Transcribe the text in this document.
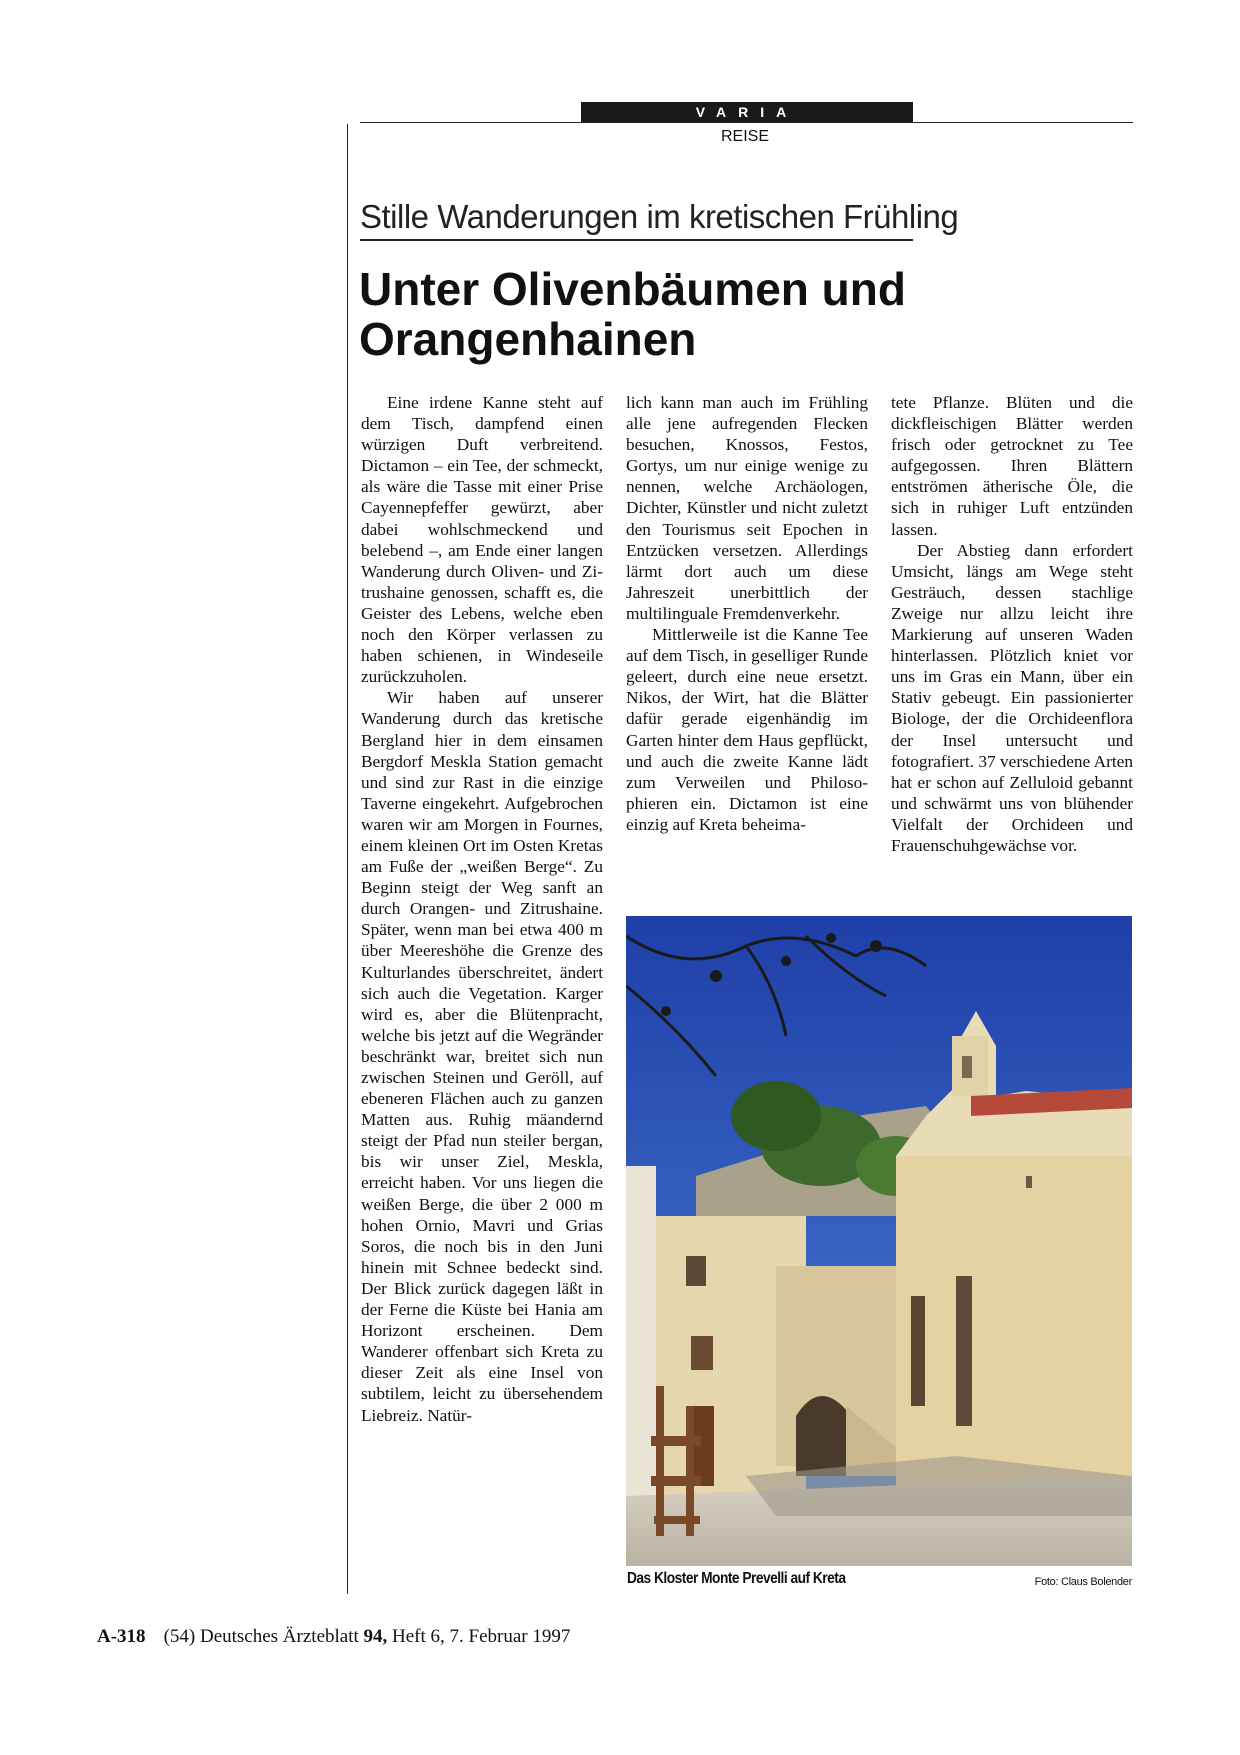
VARIA
REISE
Stille Wanderungen im kretischen Frühling
Unter Olivenbäumen und Orangenhainen

Eine irdene Kanne steht auf dem Tisch, dampfend einen würzigen Duft verbreitend. Dictamon – ein Tee, der schmeckt, als wäre die Tasse mit einer Prise Cayennepfeffer gewürzt, aber dabei wohlschmeckend und belebend –, am Ende einer langen Wanderung durch Oliven- und Zitrushaine genossen, schafft es, die Geister des Lebens, welche eben noch den Körper verlassen zu haben schienen, in Windeseile zurückzuholen.

Wir haben auf unserer Wanderung durch das kretische Bergland hier in dem einsamen Bergdorf Meskla Station gemacht und sind zur Rast in die einzige Taverne eingekehrt. Aufgebrochen waren wir am Morgen in Fournes, einem kleinen Ort im Osten Kretas am Fuße der „weißen Berge“. Zu Beginn steigt der Weg sanft an durch Orangen- und Zitrushaine. Später, wenn man bei etwa 400 m über Meereshöhe die Grenze des Kulturlandes überschreitet, ändert sich auch die Vegetation. Karger wird es, aber die Blütenpracht, welche bis jetzt auf die Wegränder beschränkt war, breitet sich nun zwischen Steinen und Geröll, auf ebeneren Flächen auch zu ganzen Matten aus. Ruhig mäandernd steigt der Pfad nun steiler bergan, bis wir unser Ziel, Meskla, erreicht haben. Vor uns liegen die weißen Berge, die über 2 000 m hohen Ornio, Mavri und Grias Soros, die noch bis in den Juni hinein mit Schnee bedeckt sind. Der Blick zurück dagegen läßt in der Ferne die Küste bei Hania am Horizont erscheinen. Dem Wanderer offenbart sich Kreta zu dieser Zeit als eine Insel von subtilem, leicht zu übersehendem Liebreiz. Natür-

lich kann man auch im Frühling alle jene aufregenden Flecken besuchen, Knossos, Festos, Gortys, um nur einige wenige zu nennen, welche Archäologen, Dichter, Künstler und nicht zuletzt den Tourismus seit Epochen in Entzücken versetzen. Allerdings lärmt dort auch um diese Jahreszeit unerbittlich der multilinguale Fremdenverkehr.

Mittlerweile ist die Kanne Tee auf dem Tisch, in geselliger Runde geleert, durch eine neue ersetzt. Nikos, der Wirt, hat die Blätter dafür gerade eigenhändig im Garten hinter dem Haus gepflückt, und auch die zweite Kanne lädt zum Verweilen und Philosophieren ein. Dictamon ist eine einzig auf Kreta beheima-

tete Pflanze. Blüten und die dickfleischigen Blätter werden frisch oder getrocknet zu Tee aufgegossen. Ihren Blättern entströmen ätherische Öle, die sich in ruhiger Luft entzünden lassen.

Der Abstieg dann erfordert Umsicht, längs am Wege steht Gesträuch, dessen stachlige Zweige nur allzu leicht ihre Markierung auf unseren Waden hinterlassen. Plötzlich kniet vor uns im Gras ein Mann, über ein Stativ gebeugt. Ein passionierter Biologe, der die Orchideenflora der Insel untersucht und fotografiert. 37 verschiedene Arten hat er schon auf Zelluloid gebannt und schwärmt uns von blühender Vielfalt der Orchideen und Frauenschuhgewächse vor.

Das Kloster Monte Prevelli auf Kreta	Foto: Claus Bolender
A-318 (54) Deutsches Ärzteblatt 94, Heft 6, 7. Februar 1997
